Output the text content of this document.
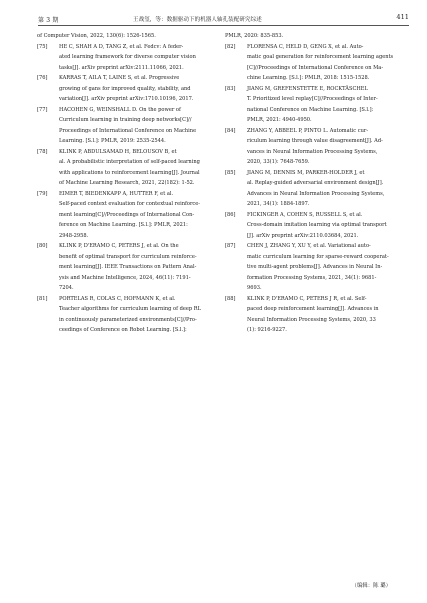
第 3 期	王战玺，等：数据驱动下的机器人轴孔装配研究综述	411
of Computer Vision, 2022, 130(6): 1526-1565.
[75] HE C, SHAH A D, TANG Z, et al. Fedcv: A feder-
ated learning framework for diverse computer vision
tasks[J]. arXiv preprint arXiv:2111.11066, 2021.
[76] KARRAS T, AILA T, LAINE S, et al. Progressive
growing of gans for improved quality, stability, and
variation[J]. arXiv preprint arXiv:1710.10196, 2017.
[77] HACOHEN G, WEINSHALL D. On the power of
Curriculum learning in training deep networks[C]//
Proceedings of International Conference on Machine
Learning. [S.l.]: PMLR, 2019: 2535-2544.
[78] KLINK P, ABDULSAMAD H, BELOUSOV B, et
al. A probabilistic interpretation of self-paced learning
with applications to reinforcement learning[J]. Journal
of Machine Learning Research, 2021, 22(182): 1-52.
[79] EIMER T, BIEDENKAPP A, HUTTER F, et al.
Self-paced context evaluation for contextual reinforce-
ment learning[C]//Proceedings of International Con-
ference on Machine Learning. [S.l.]: PMLR, 2021:
2948-2958.
[80] KLINK P, D'ERAMO C, PETERS J, et al. On the
benefit of optimal transport for curriculum reinforce-
ment learning[J]. IEEE Transactions on Pattern Anal-
ysis and Machine Intelligence, 2024, 46(11): 7191-
7204.
[81] PORTELAS R, COLAS C, HOFMANN K, et al.
Teacher algorithms for curriculum learning of deep RL
in continuously parameterized environments[C]//Pro-
ceedings of Conference on Robot Learning. [S.l.]:
PMLR, 2020: 835-853.
[82] FLORENSA C, HELD D, GENG X, et al. Auto-
matic goal generation for reinforcement learning agents
[C]//Proceedings of International Conference on Ma-
chine Learning. [S.l.]: PMLR, 2018: 1515-1528.
[83] JIANG M, GREFENSTETTE E, ROCKTÄSCHEL
T. Prioritized level replay[C]//Proceedings of Inter-
national Conference on Machine Learning. [S.l.]:
PMLR, 2021: 4940-4950.
[84] ZHANG Y, ABBEEL P, PINTO L. Automatic cur-
riculum learning through value disagreement[J]. Ad-
vances in Neural Information Processing Systems,
2020, 33(1): 7648-7659.
[85] JIANG M, DENNIS M, PARKER-HOLDER J, et
al. Replay-guided adversarial environment design[J].
Advances in Neural Information Processing Systems,
2021, 34(1): 1884-1897.
[86] FICKINGER A, COHEN S, RUSSELL S, et al.
Cross-domain imitation learning via optimal transport
[J]. arXiv preprint arXiv:2110.03684, 2021.
[87] CHEN J, ZHANG Y, XU Y, et al. Variational auto-
matic curriculum learning for sparse-reward cooperat-
tive multi-agent problems[J]. Advances in Neural In-
formation Processing Systems, 2021, 34(1): 9681-
9693.
[88] KLINK P, D'ERAMO C, PETERS J R, et al. Self-
paced deep reinforcement learning[J]. Advances in
Neural Information Processing Systems, 2020, 33
(1): 9216-9227.
（编辑：陈 璐）
